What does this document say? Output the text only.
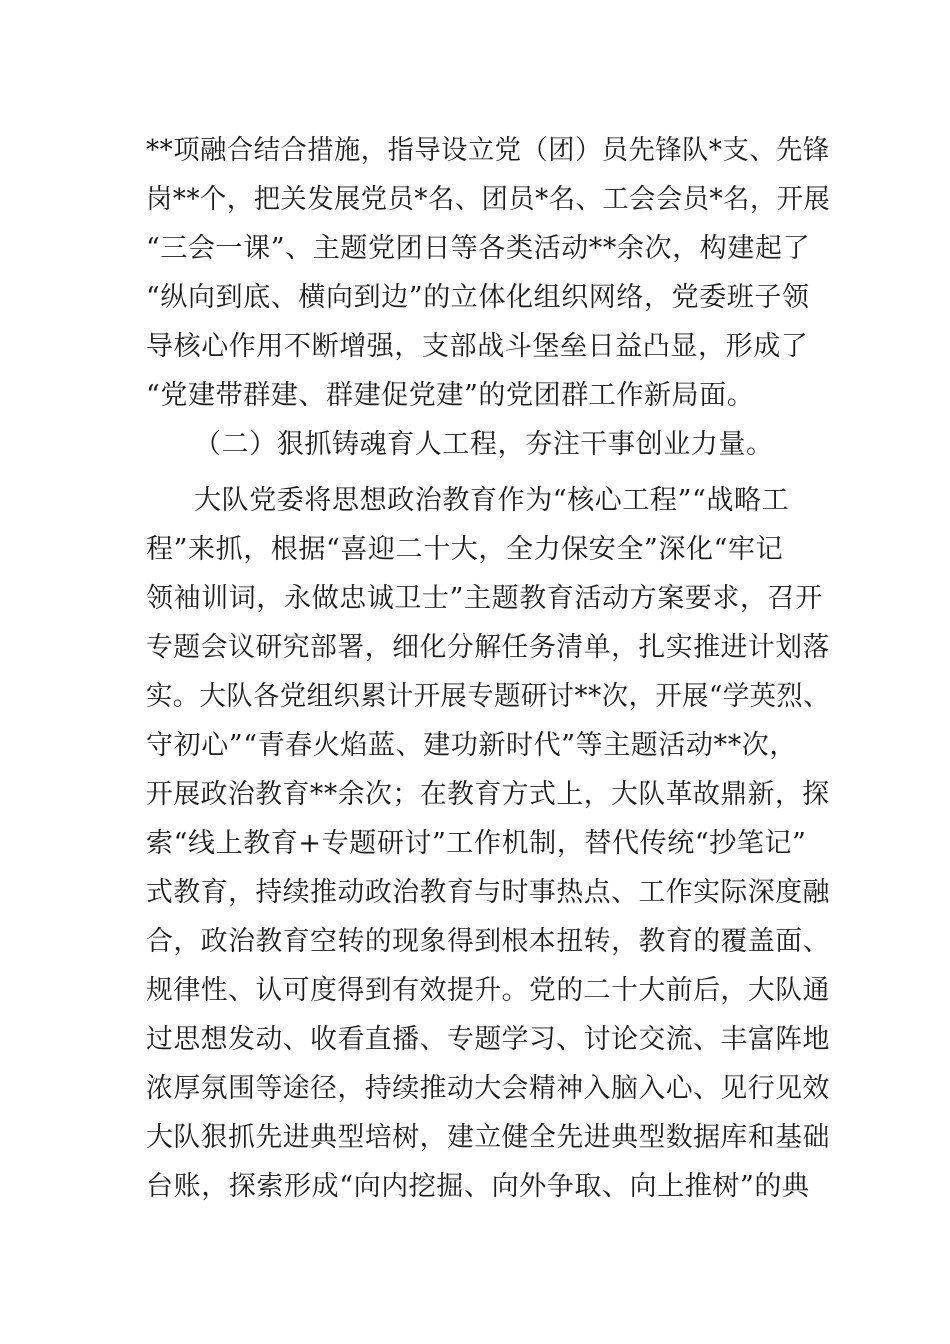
**项融合结合措施，指导设立党（团）员先锋队*支、先锋
岗**个，把关发展党员*名、团员*名、工会会员*名，开展
“三会一课”、主题党团日等各类活动**余次，构建起了
“纵向到底、横向到边”的立体化组织网络，党委班子领
导核心作用不断增强，支部战斗堡垒日益凸显，形成了
“党建带群建、群建促党建”的党团群工作新局面。
（二）狠抓铸魂育人工程，夯注干事创业力量。
大队党委将思想政治教育作为“核心工程”“战略工
程”来抓，根据“喜迎二十大，全力保安全”深化“牢记
领袖训词，永做忠诚卫士”主题教育活动方案要求，召开
专题会议研究部署，细化分解任务清单，扎实推进计划落
实。大队各党组织累计开展专题研讨**次，开展“学英烈、
守初心”“青春火焰蓝、建功新时代”等主题活动**次，
开展政治教育**余次；在教育方式上，大队革故鼎新，探
索“线上教育+专题研讨”工作机制，替代传统“抄笔记”
式教育，持续推动政治教育与时事热点、工作实际深度融
合，政治教育空转的现象得到根本扭转，教育的覆盖面、
规律性、认可度得到有效提升。党的二十大前后，大队通
过思想发动、收看直播、专题学习、讨论交流、丰富阵地
浓厚氛围等途径，持续推动大会精神入脑入心、见行见效
大队狠抓先进典型培树，建立健全先进典型数据库和基础
台账，探索形成“向内挖掘、向外争取、向上推树”的典
